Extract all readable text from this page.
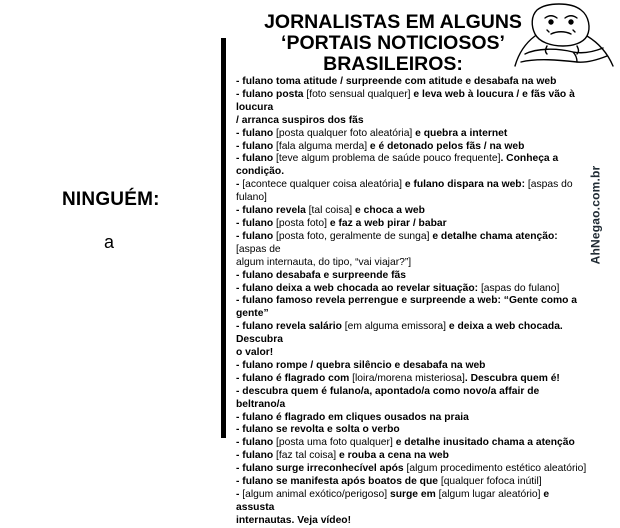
NINGUÉM:
a
JORNALISTAS EM ALGUNS
‘PORTAIS NOTICIOSOS’
BRASILEIROS:
- fulano toma atitude / surpreende com atitude e desabafa na web
- fulano posta [foto sensual qualquer] e leva web à loucura / e fãs vão à loucura
/ arranca suspiros dos fãs
- fulano [posta qualquer foto aleatória] e quebra a internet
- fulano [fala alguma merda] e é detonado pelos fãs / na web
- fulano [teve algum problema de saúde pouco frequente]. Conheça a condição.
- [acontece qualquer coisa aleatória] e fulano dispara na web: [aspas do fulano]
- fulano revela [tal coisa] e choca a web
- fulano [posta foto] e faz a web pirar / babar
- fulano [posta foto, geralmente de sunga] e detalhe chama atenção: [aspas de
algum internauta, do tipo, “vai viajar?”]
- fulano desabafa e surpreende fãs
- fulano deixa a web chocada ao revelar situação: [aspas do fulano]
- fulano famoso revela perrengue e surpreende a web: “Gente como a gente”
- fulano revela salário [em alguma emissora] e deixa a web chocada. Descubra
o valor!
- fulano rompe / quebra silêncio e desabafa na web
- fulano é flagrado com [loira/morena misteriosa]. Descubra quem é!
- descubra quem é fulano/a, apontado/a como novo/a affair de beltrano/a
- fulano é flagrado em cliques ousados na praia
- fulano se revolta e solta o verbo
- fulano [posta uma foto qualquer] e detalhe inusitado chama a atenção
- fulano [faz tal coisa] e rouba a cena na web
- fulano surge irreconhecível após [algum procedimento estético aleatório]
- fulano se manifesta após boatos de que [qualquer fofoca inútil]
- [algum animal exótico/perigoso] surge em [algum lugar aleatório] e assusta
internautas. Veja vídeo!
AhNegao.com.br
